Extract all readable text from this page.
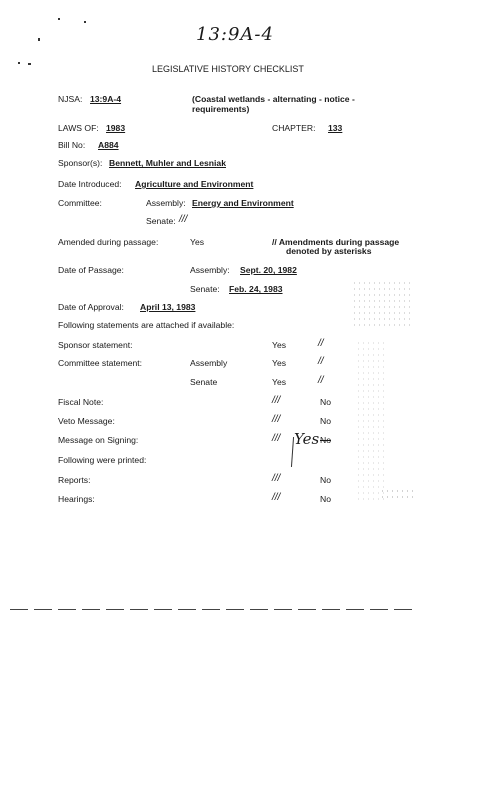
13:9A-4
LEGISLATIVE HISTORY CHECKLIST
NJSA: 13:9A-4	(Coastal wetlands - alternating - notice - requirements)
LAWS OF: 1983	CHAPTER: 133
Bill No: A884
Sponsor(s): Bennett, Muhler and Lesniak
Date Introduced: Agriculture and Environment
Committee:	Assembly: Energy and Environment
Senate: ///
Amended during passage:	Yes	// Amendments during passage
denoted by asterisks
Date of Passage:	Assembly: Sept. 20, 1982
Senate: Feb. 24, 1983
Date of Approval: April 13, 1983
Following statements are attached if available:
Sponsor statement:	Yes	//
Committee statement:	Assembly	Yes	//
Senate	Yes	//
Fiscal Note:	///	No
Veto Message:	///	No
Message on Signing:	/// Yes No
Following were printed:
Reports:	///	No
Hearings:	///	No
